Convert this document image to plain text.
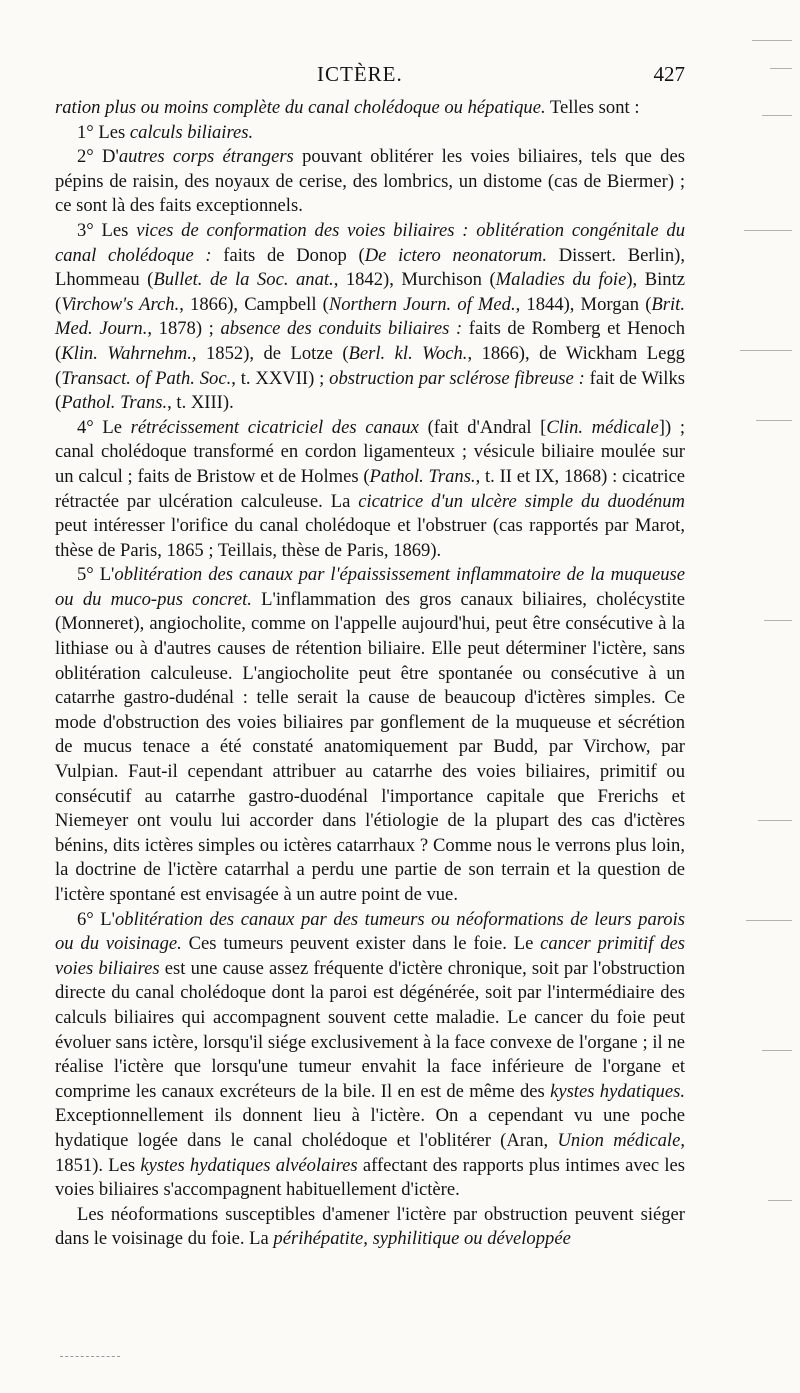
ICTÈRE.	427

ration plus ou moins complète du canal cholédoque ou hépatique. Telles sont :

1° Les calculs biliaires.

2° D'autres corps étrangers pouvant oblitérer les voies biliaires, tels que des pépins de raisin, des noyaux de cerise, des lombrics, un distome (cas de Biermer) ; ce sont là des faits exceptionnels.

3° Les vices de conformation des voies biliaires : oblitération congénitale du canal cholédoque : faits de Donop (De ictero neonatorum. Dissert. Berlin), Lhommeau (Bullet. de la Soc. anat., 1842), Murchison (Maladies du foie), Bintz (Virchow's Arch., 1866), Campbell (Northern Journ. of Med., 1844), Morgan (Brit. Med. Journ., 1878) ; absence des conduits biliaires : faits de Romberg et Henoch (Klin. Wahrnehm., 1852), de Lotze (Berl. kl. Woch., 1866), de Wickham Legg (Transact. of Path. Soc., t. XXVII) ; obstruction par sclérose fibreuse : fait de Wilks (Pathol. Trans., t. XIII).

4° Le rétrécissement cicatriciel des canaux (fait d'Andral [Clin. médicale]) ; canal cholédoque transformé en cordon ligamenteux ; vésicule biliaire moulée sur un calcul ; faits de Bristow et de Holmes (Pathol. Trans., t. II et IX, 1868) : cicatrice rétractée par ulcération calculeuse. La cicatrice d'un ulcère simple du duodénum peut intéresser l'orifice du canal cholédoque et l'obstruer (cas rapportés par Marot, thèse de Paris, 1865 ; Teillais, thèse de Paris, 1869).

5° L'oblitération des canaux par l'épaississement inflammatoire de la muqueuse ou du muco-pus concret. L'inflammation des gros canaux biliaires, cholécystite (Monneret), angiocholite, comme on l'appelle aujourd'hui, peut être consécutive à la lithiase ou à d'autres causes de rétention biliaire. Elle peut déterminer l'ictère, sans oblitération calculeuse. L'angiocholite peut être spontanée ou consécutive à un catarrhe gastro-dudénal : telle serait la cause de beaucoup d'ictères simples. Ce mode d'obstruction des voies biliaires par gonflement de la muqueuse et sécrétion de mucus tenace a été constaté anatomiquement par Budd, par Virchow, par Vulpian. Faut-il cependant attribuer au catarrhe des voies biliaires, primitif ou consécutif au catarrhe gastro-duodénal l'importance capitale que Frerichs et Niemeyer ont voulu lui accorder dans l'étiologie de la plupart des cas d'ictères bénins, dits ictères simples ou ictères catarrhaux ? Comme nous le verrons plus loin, la doctrine de l'ictère catarrhal a perdu une partie de son terrain et la question de l'ictère spontané est envisagée à un autre point de vue.

6° L'oblitération des canaux par des tumeurs ou néoformations de leurs parois ou du voisinage. Ces tumeurs peuvent exister dans le foie. Le cancer primitif des voies biliaires est une cause assez fréquente d'ictère chronique, soit par l'obstruction directe du canal cholédoque dont la paroi est dégénérée, soit par l'intermédiaire des calculs biliaires qui accompagnent souvent cette maladie. Le cancer du foie peut évoluer sans ictère, lorsqu'il siége exclusivement à la face convexe de l'organe ; il ne réalise l'ictère que lorsqu'une tumeur envahit la face inférieure de l'organe et comprime les canaux excréteurs de la bile. Il en est de même des kystes hydatiques. Exceptionnellement ils donnent lieu à l'ictère. On a cependant vu une poche hydatique logée dans le canal cholédoque et l'oblitérer (Aran, Union médicale, 1851). Les kystes hydatiques alvéolaires affectant des rapports plus intimes avec les voies biliaires s'accompagnent habituellement d'ictère.

Les néoformations susceptibles d'amener l'ictère par obstruction peuvent siéger dans le voisinage du foie. La périhépatite, syphilitique ou développée
